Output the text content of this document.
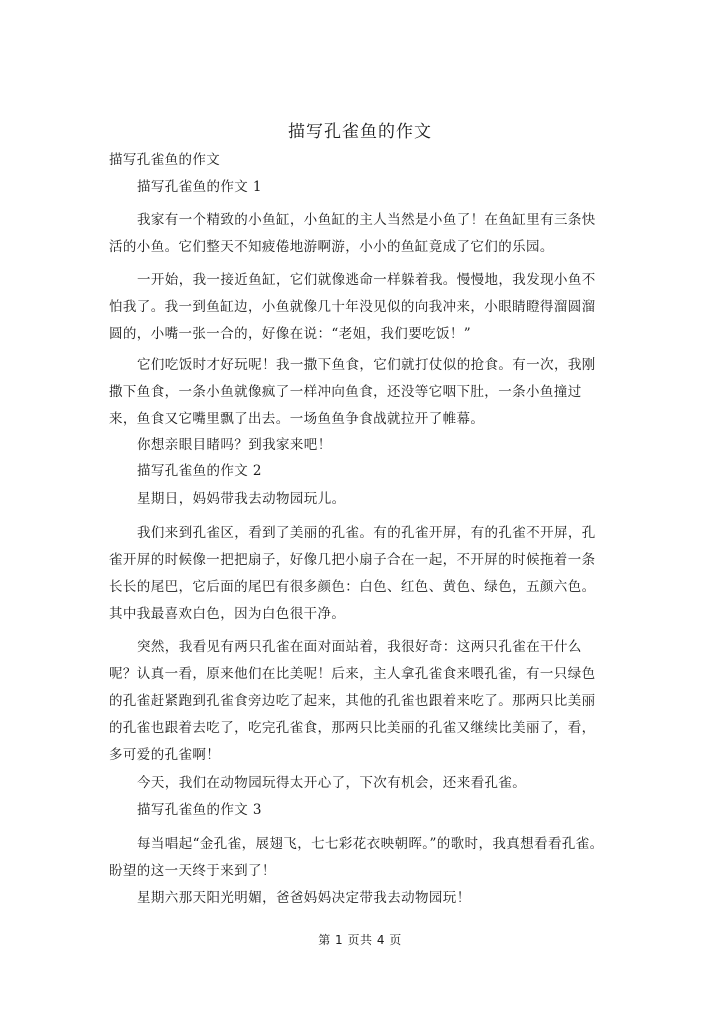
描写孔雀鱼的作文

描写孔雀鱼的作文

描写孔雀鱼的作文 1

我家有一个精致的小鱼缸，小鱼缸的主人当然是小鱼了！在鱼缸里有三条快活的小鱼。它们整天不知疲倦地游啊游，小小的鱼缸竟成了它们的乐园。

一开始，我一接近鱼缸，它们就像逃命一样躲着我。慢慢地，我发现小鱼不怕我了。我一到鱼缸边，小鱼就像几十年没见似的向我冲来，小眼睛瞪得溜圆溜圆的，小嘴一张一合的，好像在说：“老姐，我们要吃饭！”

它们吃饭时才好玩呢！我一撒下鱼食，它们就打仗似的抢食。有一次，我刚撒下鱼食，一条小鱼就像疯了一样冲向鱼食，还没等它咽下肚，一条小鱼撞过来，鱼食又它嘴里飘了出去。一场鱼鱼争食战就拉开了帷幕。

你想亲眼目睹吗？到我家来吧！

描写孔雀鱼的作文 2

星期日，妈妈带我去动物园玩儿。

我们来到孔雀区，看到了美丽的孔雀。有的孔雀开屏，有的孔雀不开屏，孔雀开屏的时候像一把把扇子，好像几把小扇子合在一起，不开屏的时候拖着一条长长的尾巴，它后面的尾巴有很多颜色：白色、红色、黄色、绿色，五颜六色。其中我最喜欢白色，因为白色很干净。

突然，我看见有两只孔雀在面对面站着，我很好奇：这两只孔雀在干什么呢？认真一看，原来他们在比美呢！后来，主人拿孔雀食来喂孔雀，有一只绿色的孔雀赶紧跑到孔雀食旁边吃了起来，其他的孔雀也跟着来吃了。那两只比美丽的孔雀也跟着去吃了，吃完孔雀食，那两只比美丽的孔雀又继续比美丽了，看，多可爱的孔雀啊！

今天，我们在动物园玩得太开心了，下次有机会，还来看孔雀。

描写孔雀鱼的作文 3

每当唱起“金孔雀，展翅飞，七七彩花衣映朝晖。”的歌时，我真想看看孔雀。盼望的这一天终于来到了！

星期六那天阳光明媚，爸爸妈妈决定带我去动物园玩！

第 1 页共 4 页
